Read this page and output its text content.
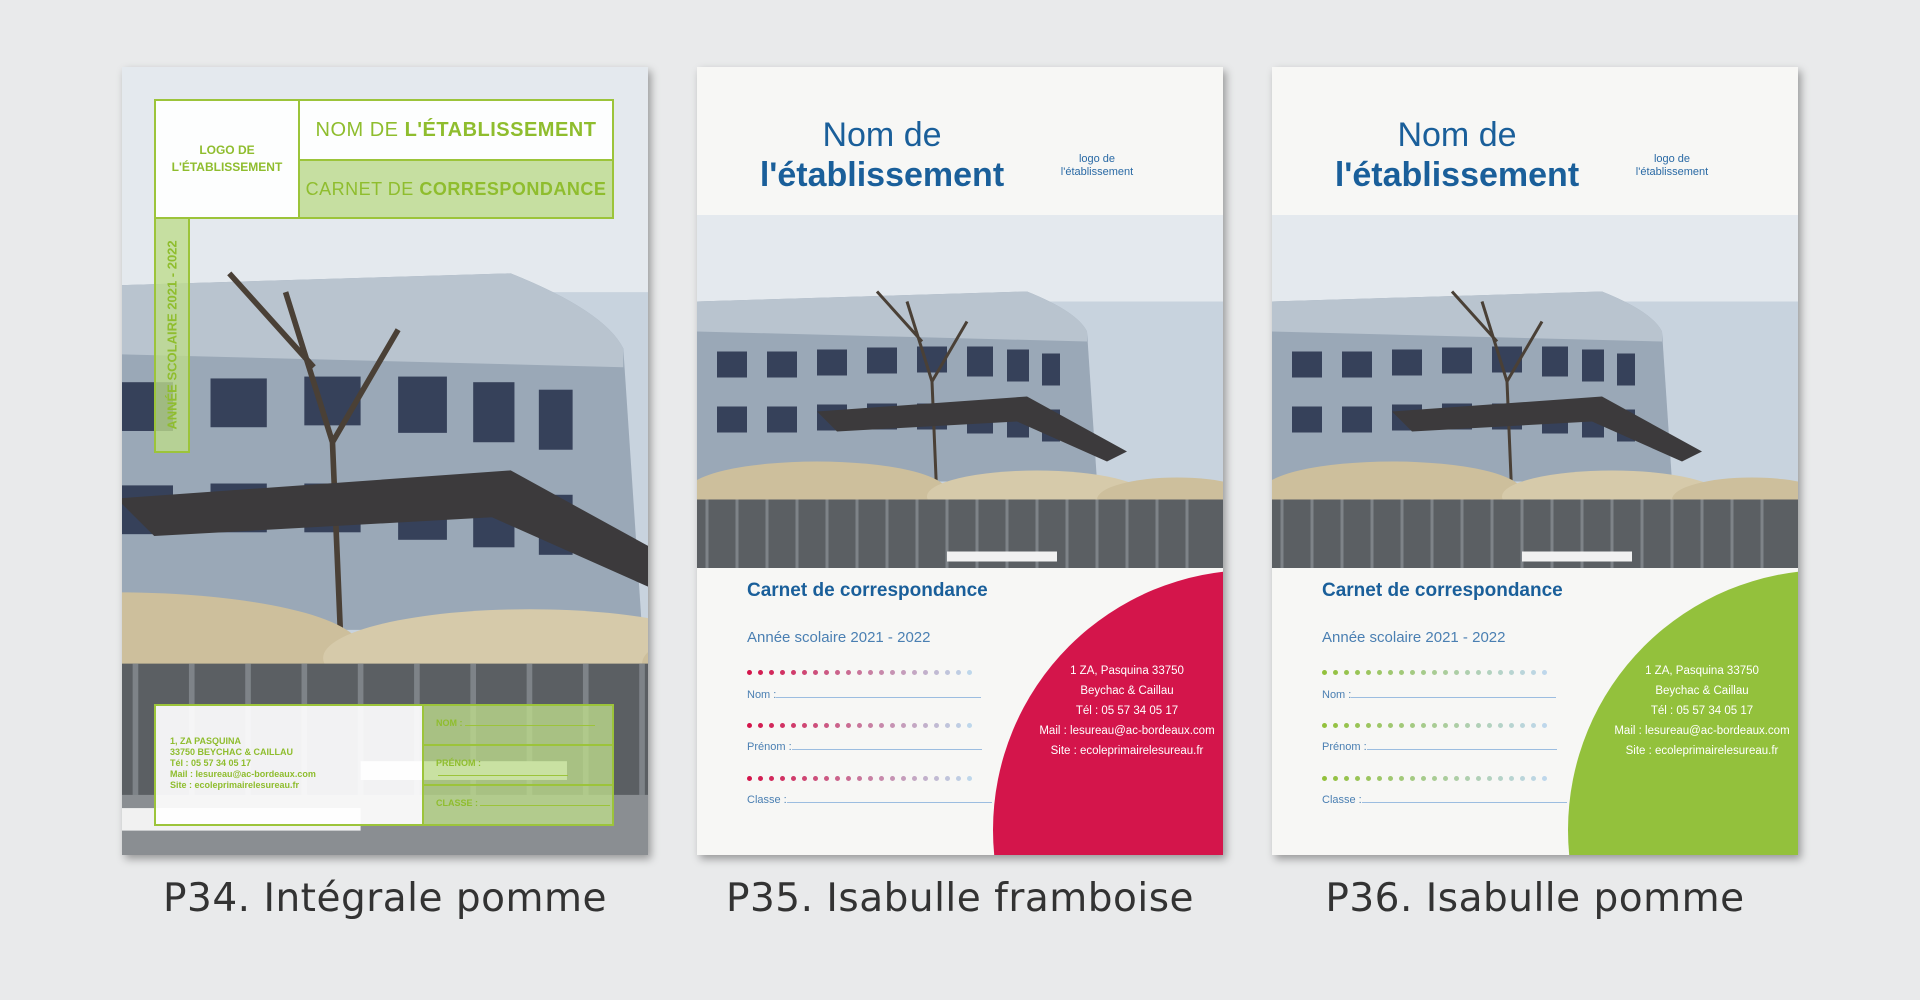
LOGO DE
L'ÉTABLISSEMENT
NOM DE
L'ÉTABLISSEMENT
CARNET DE
CORRESPONDANCE
ANNÉE SCOLAIRE 2021 - 2022
1, ZA PASQUINA
33750 BEYCHAC & CAILLAU
Tél : 05 57 34 05 17
Mail : lesureau@ac-bordeaux.com
Site : ecoleprimairelesureau.fr
NOM :
PRÉNOM :
CLASSE :
P34. Intégrale pomme
Nom de
l'établissement	logo de
l'établissement
1 ZA, Pasquina 33750
Beychac & Caillau
Tél : 05 57 34 05 17
Mail : lesureau@ac-bordeaux.com
Site : ecoleprimairelesureau.fr
Carnet de correspondance
Année scolaire 2021 - 2022
Nom :
Prénom :
Classe :
P35. Isabulle framboise
Nom de
l'établissement	logo de
l'établissement
1 ZA, Pasquina 33750
Beychac & Caillau
Tél : 05 57 34 05 17
Mail : lesureau@ac-bordeaux.com
Site : ecoleprimairelesureau.fr
Carnet de correspondance
Année scolaire 2021 - 2022
Nom :
Prénom :
Classe :
P36. Isabulle pomme
